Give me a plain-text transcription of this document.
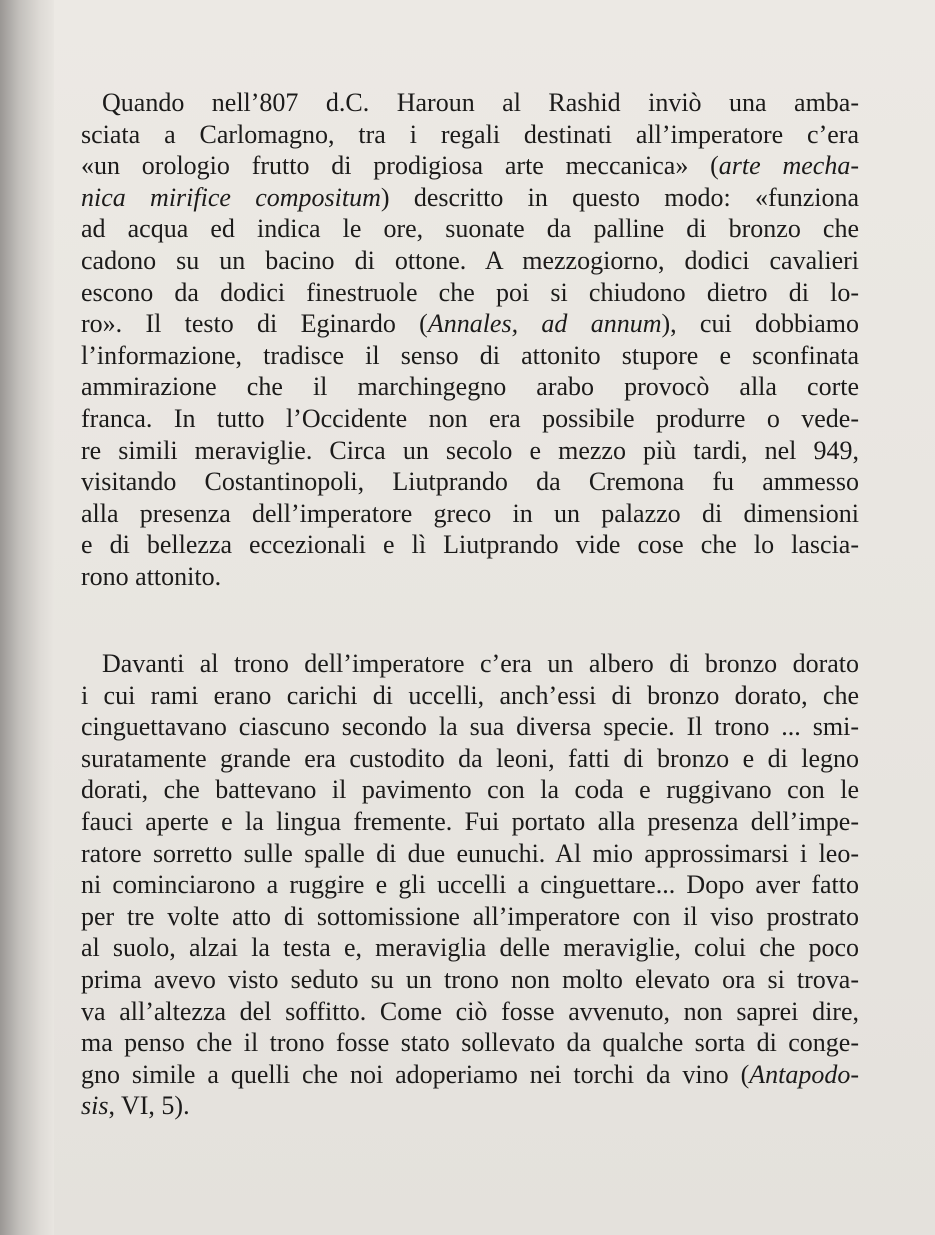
Quando nell’807 d.C. Haroun al Rashid inviò una amba-
sciata a Carlomagno, tra i regali destinati all’imperatore c’era
«un orologio frutto di prodigiosa arte meccanica» (arte mecha-
nica mirifice compositum) descritto in questo modo: «funziona
ad acqua ed indica le ore, suonate da palline di bronzo che
cadono su un bacino di ottone. A mezzogiorno, dodici cavalieri
escono da dodici finestruole che poi si chiudono dietro di lo-
ro». Il testo di Eginardo (Annales, ad annum), cui dobbiamo
l’informazione, tradisce il senso di attonito stupore e sconfinata
ammirazione che il marchingegno arabo provocò alla corte
franca. In tutto l’Occidente non era possibile produrre o vede-
re simili meraviglie. Circa un secolo e mezzo più tardi, nel 949,
visitando Costantinopoli, Liutprando da Cremona fu ammesso
alla presenza dell’imperatore greco in un palazzo di dimensioni
e di bellezza eccezionali e lì Liutprando vide cose che lo lascia-
rono attonito.
Davanti al trono dell’imperatore c’era un albero di bronzo dorato
i cui rami erano carichi di uccelli, anch’essi di bronzo dorato, che
cinguettavano ciascuno secondo la sua diversa specie. Il trono ... smi-
suratamente grande era custodito da leoni, fatti di bronzo e di legno
dorati, che battevano il pavimento con la coda e ruggivano con le
fauci aperte e la lingua fremente. Fui portato alla presenza dell’impe-
ratore sorretto sulle spalle di due eunuchi. Al mio approssimarsi i leo-
ni cominciarono a ruggire e gli uccelli a cinguettare... Dopo aver fatto
per tre volte atto di sottomissione all’imperatore con il viso prostrato
al suolo, alzai la testa e, meraviglia delle meraviglie, colui che poco
prima avevo visto seduto su un trono non molto elevato ora si trova-
va all’altezza del soffitto. Come ciò fosse avvenuto, non saprei dire,
ma penso che il trono fosse stato sollevato da qualche sorta di conge-
gno simile a quelli che noi adoperiamo nei torchi da vino (Antapodo-
sis, VI, 5).
